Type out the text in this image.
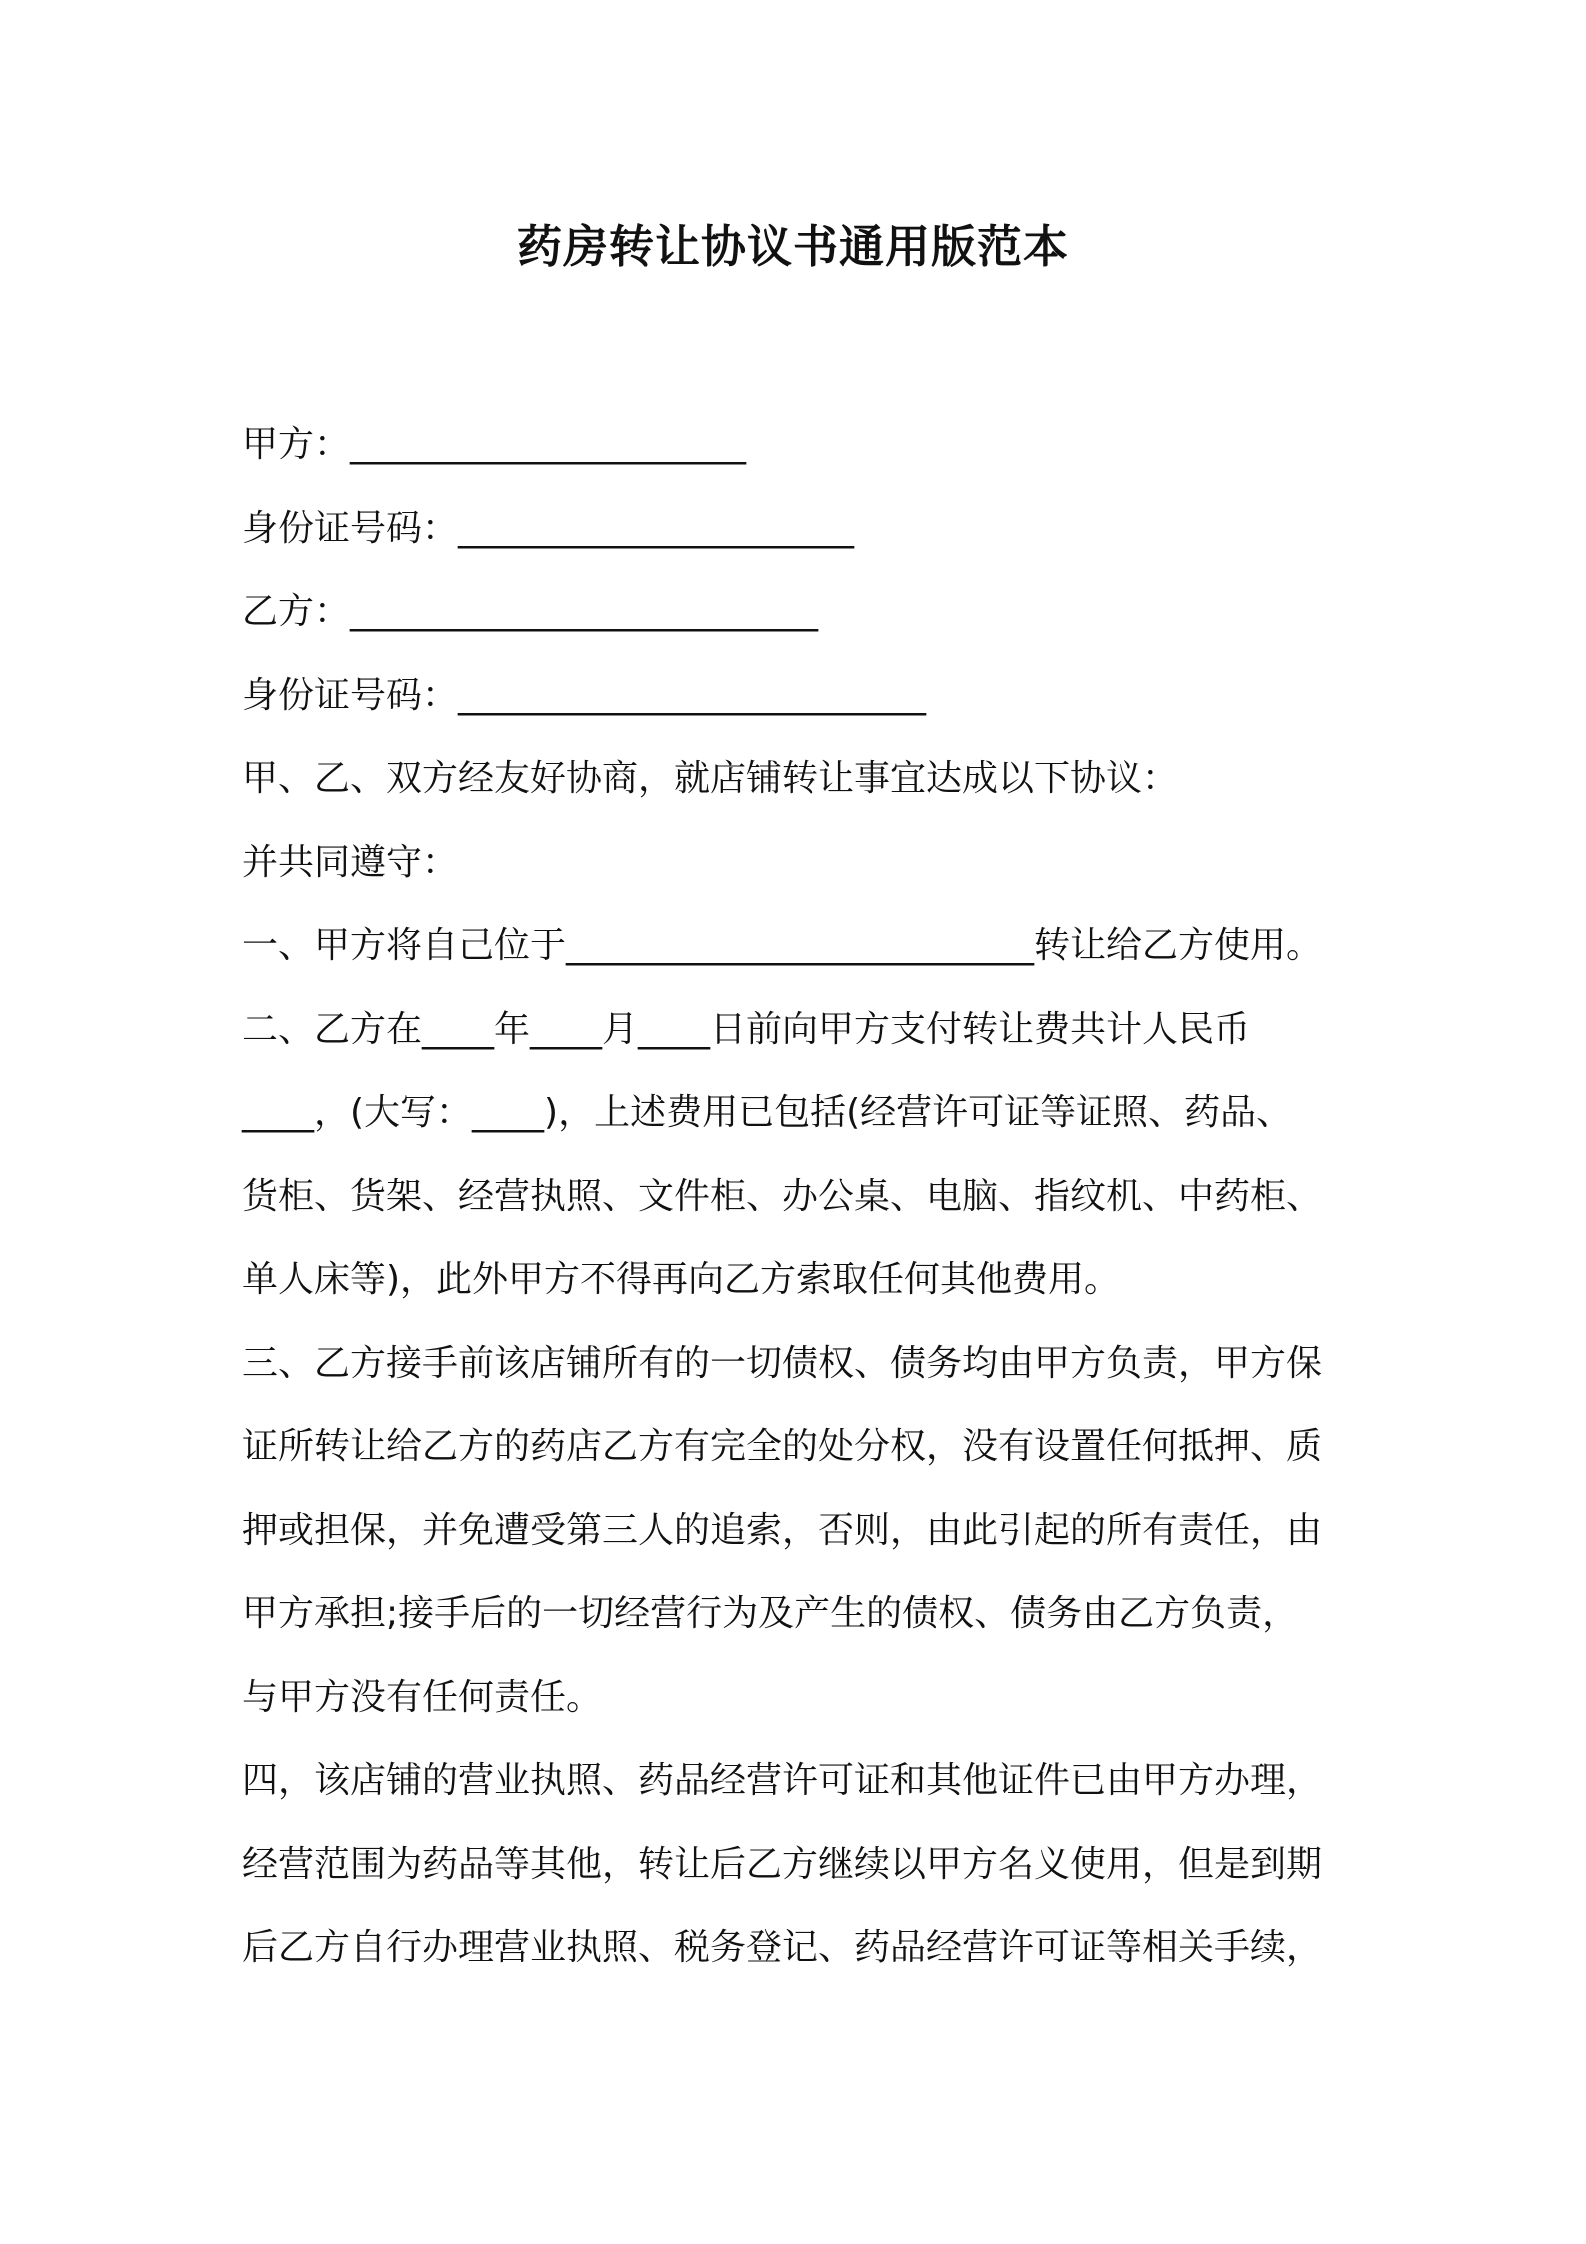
药房转让协议书通用版范本
甲方：______________________
身份证号码：______________________
乙方：__________________________
身份证号码：__________________________
甲、乙、双方经友好协商，就店铺转让事宜达成以下协议：
并共同遵守：
一、甲方将自己位于__________________________转让给乙方使用。
二、乙方在____年____月____日前向甲方支付转让费共计人民币
____，(大写：____)，上述费用已包括(经营许可证等证照、药品、
货柜、货架、经营执照、文件柜、办公桌、电脑、指纹机、中药柜、
单人床等)，此外甲方不得再向乙方索取任何其他费用。
三、乙方接手前该店铺所有的一切债权、债务均由甲方负责，甲方保
证所转让给乙方的药店乙方有完全的处分权，没有设置任何抵押、质
押或担保，并免遭受第三人的追索，否则，由此引起的所有责任，由
甲方承担;接手后的一切经营行为及产生的债权、债务由乙方负责，
与甲方没有任何责任。
四，该店铺的营业执照、药品经营许可证和其他证件已由甲方办理，
经营范围为药品等其他，转让后乙方继续以甲方名义使用，但是到期
后乙方自行办理营业执照、税务登记、药品经营许可证等相关手续，
